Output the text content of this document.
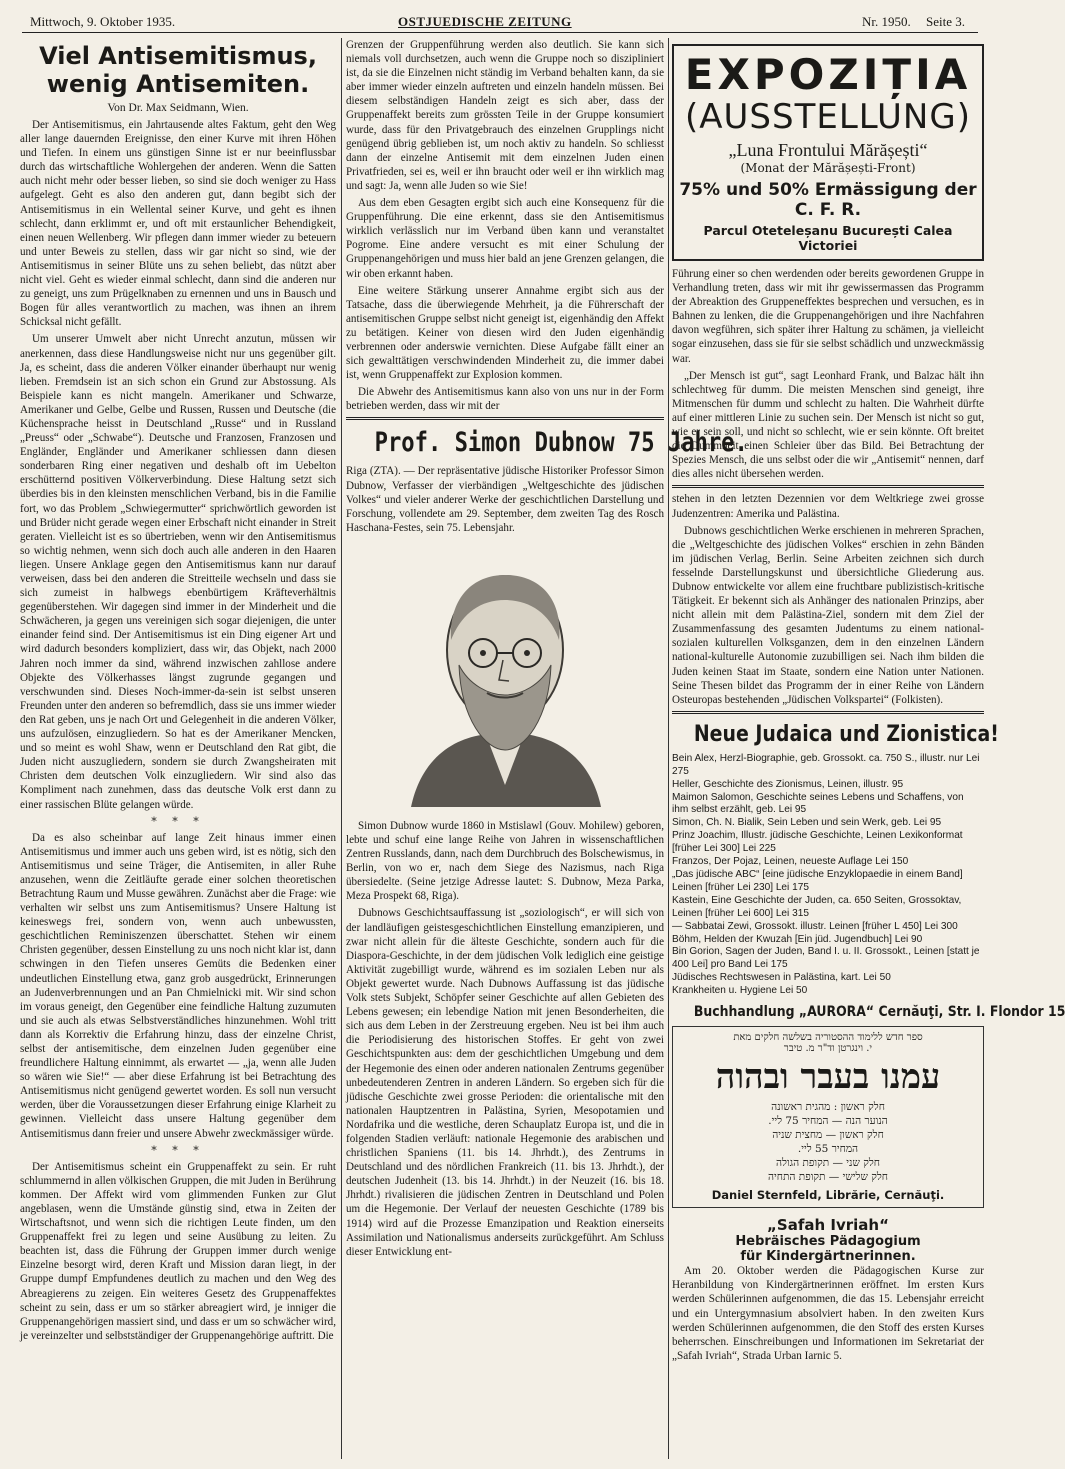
Mittwoch, 9. Oktober 1935.	OSTJUEDISCHE ZEITUNG	Nr. 1950. Seite 3.
Viel Antisemitismus,
wenig Antisemiten.
Von Dr. Max Seidmann, Wien.

Der Antisemitismus, ein Jahrtausende altes Faktum, geht den Weg aller lange dauernden Ereignisse, den einer Kurve mit ihren Höhen und Tiefen. In einem uns günstigen Sinne ist er nur beeinflussbar durch das wirtschaftliche Wohlergehen der anderen. Wenn die Satten auch nicht mehr oder besser lieben, so sind sie doch weniger zu Hass aufgelegt. Geht es also den anderen gut, dann begibt sich der Antisemitismus in ein Wellental seiner Kurve, und geht es ihnen schlecht, dann erklimmt er, und oft mit erstaunlicher Behendigkeit, einen neuen Wellenberg. Wir pflegen dann immer wieder zu beteuern und unter Beweis zu stellen, dass wir gar nicht so sind, wie der Antisemitismus in seiner Blüte uns zu sehen beliebt, das nützt aber nicht viel. Geht es wieder einmal schlecht, dann sind die anderen nur zu geneigt, uns zum Prügelknaben zu ernennen und uns in Bausch und Bogen für alles verantwortlich zu machen, was ihnen an ihrem Schicksal nicht gefällt.

Um unserer Umwelt aber nicht Unrecht anzutun, müssen wir anerkennen, dass diese Handlungsweise nicht nur uns gegenüber gilt. Ja, es scheint, dass die anderen Völker einander überhaupt nur wenig lieben. Fremdsein ist an sich schon ein Grund zur Abstossung. Als Beispiele kann es nicht mangeln. Amerikaner und Schwarze, Amerikaner und Gelbe, Gelbe und Russen, Russen und Deutsche (die Küchensprache heisst in Deutschland „Russe“ und in Russland „Preuss“ oder „Schwabe“). Deutsche und Franzosen, Franzosen und Engländer, Engländer und Amerikaner schliessen dann diesen sonderbaren Ring einer negativen und deshalb oft im Uebelton erschütternd positiven Völkerverbindung. Diese Haltung setzt sich überdies bis in den kleinsten menschlichen Verband, bis in die Familie fort, wo das Problem „Schwiegermutter“ sprichwörtlich geworden ist und Brüder nicht gerade wegen einer Erbschaft nicht einander in Streit geraten. Vielleicht ist es so übertrieben, wenn wir den Antisemitismus so wichtig nehmen, wenn sich doch auch alle anderen in den Haaren liegen. Unsere Anklage gegen den Antisemitismus kann nur darauf verweisen, dass bei den anderen die Streitteile wechseln und dass sie sich zumeist in halbwegs ebenbürtigem Kräfteverhältnis gegenüberstehen. Wir dagegen sind immer in der Minderheit und die Schwächeren, ja gegen uns vereinigen sich sogar diejenigen, die unter einander feind sind. Der Antisemitismus ist ein Ding eigener Art und wird dadurch besonders kompliziert, dass wir, das Objekt, nach 2000 Jahren noch immer da sind, während inzwischen zahllose andere Objekte des Völkerhasses längst zugrunde gegangen und verschwunden sind. Dieses Noch-immer-da-sein ist selbst unseren Freunden unter den anderen so befremdlich, dass sie uns immer wieder den Rat geben, uns je nach Ort und Gelegenheit in die anderen Völker, uns aufzulösen, einzugliedern. So hat es der Amerikaner Mencken, und so meint es wohl Shaw, wenn er Deutschland den Rat gibt, die Juden nicht auszugliedern, sondern sie durch Zwangsheiraten mit Christen dem deutschen Volk einzugliedern. Wir sind also das Kompliment nach zunehmen, dass das deutsche Volk erst dann zu einer rassischen Blüte gelangen würde.

* * *

Da es also scheinbar auf lange Zeit hinaus immer einen Antisemitismus und immer auch uns geben wird, ist es nötig, sich den Antisemitismus und seine Träger, die Antisemiten, in aller Ruhe anzusehen, wenn die Zeitläufte gerade einer solchen theoretischen Betrachtung Raum und Musse gewähren. Zunächst aber die Frage: wie verhalten wir selbst uns zum Antisemitismus? Unsere Haltung ist keineswegs frei, sondern von, wenn auch unbewussten, geschichtlichen Reminiszenzen überschattet. Stehen wir einem Christen gegenüber, dessen Einstellung zu uns noch nicht klar ist, dann schwingen in den Tiefen unseres Gemüts die Bedenken einer undeutlichen Einstellung etwa, ganz grob ausgedrückt, Erinnerungen an Judenverbrennungen und an Pan Chmielnicki mit. Wir sind schon im voraus geneigt, den Gegenüber eine feindliche Haltung zuzumuten und sie auch als etwas Selbstverständliches hinzunehmen. Wohl tritt dann als Korrektiv die Erfahrung hinzu, dass der einzelne Christ, selbst der antisemitische, dem einzelnen Juden gegenüber eine freundlichere Haltung einnimmt, als erwartet — „ja, wenn alle Juden so wären wie Sie!“ — aber diese Erfahrung ist bei Betrachtung des Antisemitismus nicht genügend gewertet worden. Es soll nun versucht werden, über die Voraussetzungen dieser Erfahrung einige Klarheit zu gewinnen. Vielleicht dass unsere Haltung gegenüber dem Antisemitismus dann freier und unsere Abwehr zweckmässiger würde.

* * *

Der Antisemitismus scheint ein Gruppenaffekt zu sein. Er ruht schlummernd in allen völkischen Gruppen, die mit Juden in Berührung kommen. Der Affekt wird vom glimmenden Funken zur Glut angeblasen, wenn die Umstände günstig sind, etwa in Zeiten der Wirtschaftsnot, und wenn sich die richtigen Leute finden, um den Gruppenaffekt frei zu legen und seine Ausübung zu leiten. Zu beachten ist, dass die Führung der Gruppen immer durch wenige Einzelne besorgt wird, deren Kraft und Mission daran liegt, in der Gruppe dumpf Empfundenes deutlich zu machen und den Weg des Abreagierens zu zeigen. Ein weiteres Gesetz des Gruppenaffektes scheint zu sein, dass er um so stärker abreagiert wird, je inniger die Gruppenangehörigen massiert sind, und dass er um so schwächer wird, je vereinzelter und selbstständiger der Gruppenangehörige auftritt. Die

Grenzen der Gruppenführung werden also deutlich. Sie kann sich niemals voll durchsetzen, auch wenn die Gruppe noch so diszipliniert ist, da sie die Einzelnen nicht ständig im Verband behalten kann, da sie aber immer wieder einzeln auftreten und einzeln handeln müssen. Bei diesem selbständigen Handeln zeigt es sich aber, dass der Gruppenaffekt bereits zum grössten Teile in der Gruppe konsumiert wurde, dass für den Privatgebrauch des einzelnen Grupplings nicht genügend übrig geblieben ist, um noch aktiv zu handeln. So schliesst dann der einzelne Antisemit mit dem einzelnen Juden einen Privatfrieden, sei es, weil er ihn braucht oder weil er ihn wirklich mag und sagt: Ja, wenn alle Juden so wie Sie!

Aus dem eben Gesagten ergibt sich auch eine Konsequenz für die Gruppenführung. Die eine erkennt, dass sie den Antisemitismus wirklich verlässlich nur im Verband üben kann und veranstaltet Pogrome. Eine andere versucht es mit einer Schulung der Gruppenangehörigen und muss hier bald an jene Grenzen gelangen, die wir oben erkannt haben.

Eine weitere Stärkung unserer Annahme ergibt sich aus der Tatsache, dass die überwiegende Mehrheit, ja die Führerschaft der antisemitischen Gruppe selbst nicht geneigt ist, eigenhändig den Affekt zu betätigen. Keiner von diesen wird den Juden eigenhändig verbrennen oder anderswie vernichten. Diese Aufgabe fällt einer an sich gewalttätigen verschwindenden Minderheit zu, die immer dabei ist, wenn Gruppenaffekt zur Explosion kommen.

Die Abwehr des Antisemitismus kann also von uns nur in der Form betrieben werden, dass wir mit der

Prof. Simon Dubnow 75 Jahre.
Riga (ZTA). — Der repräsentative jüdische Historiker Professor Simon Dubnow, Verfasser der vierbändigen „Weltgeschichte des jüdischen Volkes“ und vieler anderer Werke der geschichtlichen Darstellung und Forschung, vollendete am 29. September, dem zweiten Tag des Rosch Haschana-Festes, sein 75. Lebensjahr.

Simon Dubnow wurde 1860 in Mstislawl (Gouv. Mohilew) geboren, lebte und schuf eine lange Reihe von Jahren in wissenschaftlichen Zentren Russlands, dann, nach dem Durchbruch des Bolschewismus, in Berlin, von wo er, nach dem Siege des Nazismus, nach Riga übersiedelte. (Seine jetzige Adresse lautet: S. Dubnow, Meza Parka, Meza Prospekt 68, Riga).

Dubnows Geschichtsauffassung ist „soziologisch“, er will sich von der landläufigen geistesgeschichtlichen Einstellung emanzipieren, und zwar nicht allein für die älteste Geschichte, sondern auch für die Diaspora-Geschichte, in der dem jüdischen Volk lediglich eine geistige Aktivität zugebilligt wurde, während es im sozialen Leben nur als Objekt gewertet wurde. Nach Dubnows Auffassung ist das jüdische Volk stets Subjekt, Schöpfer seiner Geschichte auf allen Gebieten des Lebens gewesen; ein lebendige Nation mit jenen Besonderheiten, die sich aus dem Leben in der Zerstreuung ergeben. Neu ist bei ihm auch die Periodisierung des historischen Stoffes. Er geht von zwei Geschichtspunkten aus: dem der geschichtlichen Umgebung und dem der Hegemonie des einen oder anderen nationalen Zentrums gegenüber unbedeutenderen Zentren in anderen Ländern. So ergeben sich für die jüdische Geschichte zwei grosse Perioden: die orientalische mit den nationalen Hauptzentren in Palästina, Syrien, Mesopotamien und Nordafrika und die westliche, deren Schauplatz Europa ist, und die in folgenden Stadien verläuft: nationale Hegemonie des arabischen und christlichen Spaniens (11. bis 14. Jhrhdt.), des Zentrums in Deutschland und des nördlichen Frankreich (11. bis 13. Jhrhdt.), der deutschen Judenheit (13. bis 14. Jhrhdt.) in der Neuzeit (16. bis 18. Jhrhdt.) rivalisieren die jüdischen Zentren in Deutschland und Polen um die Hegemonie. Der Verlauf der neuesten Geschichte (1789 bis 1914) wird auf die Prozesse Emanzipation und Reaktion einerseits Assimilation und Nationalismus anderseits zurückgeführt. Am Schluss dieser Entwicklung ent-

EXPOZIȚIA
(AUSSTELLUNG)
„Luna Frontului Mărășești“
(Monat der Mărășești-Front)
75% und 50% Ermässigung der C. F. R.
Parcul Oteteleșanu București Calea Victoriei

Führung einer so chen werdenden oder bereits gewordenen Gruppe in Verhandlung treten, dass wir mit ihr gewissermassen das Programm der Abreaktion des Gruppeneffektes besprechen und versuchen, es in Bahnen zu lenken, die die Gruppenangehörigen und ihre Nachfahren davon wegführen, sich später ihrer Haltung zu schämen, ja vielleicht sogar einzusehen, dass sie für sie selbst schädlich und unzweckmässig war.

„Der Mensch ist gut“, sagt Leonhard Frank, und Balzac hält ihn schlechtweg für dumm. Die meisten Menschen sind geneigt, ihre Mitmenschen für dumm und schlecht zu halten. Die Wahrheit dürfte auf einer mittleren Linie zu suchen sein. Der Mensch ist nicht so gut, wie er sein soll, und nicht so schlecht, wie er sein könnte. Oft breitet die Dummheit einen Schleier über das Bild. Bei Betrachtung der Spezies Mensch, die uns selbst oder die wir „Antisemit“ nennen, darf dies alles nicht übersehen werden.

stehen in den letzten Dezennien vor dem Weltkriege zwei grosse Judenzentren: Amerika und Palästina.

Dubnows geschichtlichen Werke erschienen in mehreren Sprachen, die „Weltgeschichte des jüdischen Volkes“ erschien in zehn Bänden im jüdischen Verlag, Berlin. Seine Arbeiten zeichnen sich durch fesselnde Darstellungskunst und übersichtliche Gliederung aus. Dubnow entwickelte vor allem eine fruchtbare publizistisch-kritische Tätigkeit. Er bekennt sich als Anhänger des nationalen Prinzips, aber nicht allein mit dem Palästina-Ziel, sondern mit dem Ziel der Zusammenfassung des gesamten Judentums zu einem national-sozialen kulturellen Volksganzen, dem in den einzelnen Ländern national-kulturelle Autonomie zuzubilligen sei. Nach ihm bilden die Juden keinen Staat im Staate, sondern eine Nation unter Nationen. Seine Thesen bildet das Programm der in einer Reihe von Ländern Osteuropas bestehenden „Jüdischen Volkspartei“ (Folkisten).

Neue Judaica und Zionistica!
Bein Alex, Herzl-Biographie, geb. Grossokt. ca. 750 S., illustr. nur Lei 275
Heller, Geschichte des Zionismus, Leinen, illustr. 95
Maimon Salomon, Geschichte seines Lebens und Schaffens, von ihm selbst erzählt, geb. Lei 95
Simon, Ch. N. Bialik, Sein Leben und sein Werk, geb. Lei 95
Prinz Joachim, Illustr. jüdische Geschichte, Leinen Lexikonformat [früher Lei 300] Lei 225
Franzos, Der Pojaz, Leinen, neueste Auflage Lei 150
„Das jüdische ABC“ [eine jüdische Enzyklopaedie in einem Band] Leinen [früher Lei 230] Lei 175
Kastein, Eine Geschichte der Juden, ca. 650 Seiten, Grossoktav, Leinen [früher Lei 600] Lei 315
— Sabbatai Zewi, Grossokt. illustr. Leinen [früher L 450] Lei 300
Böhm, Helden der Kwuzah [Ein jüd. Jugendbuch] Lei 90
Bin Gorion, Sagen der Juden, Band I. u. II. Grossokt., Leinen [statt je 400 Lei] pro Band Lei 175
Jüdisches Rechtswesen in Palästina, kart. Lei 50
Krankheiten u. Hygiene Lei 50
Buchhandlung „AURORA“ Cernăuţi, Str. I. Flondor 15
ספר חדש ללימוד ההסטוריה בשלשה חלקים מאת
י. וינגרטן וד"ר מ. טיבר
עמנו בעבר ובהוה
חלק ראשון : מהגית ראשונה
הנוער הנה — המחיר 75 ליי.
חלק ראשון — מחצית שניה
המחיר 55 ליי.
חלק שני — תקופת הגולה
חלק שלישי — תקופת התחיה
Daniel Sternfeld, Librărie, Cernăuţi.
„Safah Ivriah“
Hebräisches Pädagogium
für Kindergärtnerinnen.

Am 20. Oktober werden die Pädagogischen Kurse zur Heranbildung von Kindergärtnerinnen eröffnet. Im ersten Kurs werden Schülerinnen aufgenommen, die das 15. Lebensjahr erreicht und ein Untergymnasium absolviert haben. In den zweiten Kurs werden Schülerinnen aufgenommen, die den Stoff des ersten Kurses beherrschen. Einschreibungen und Informationen im Sekretariat der „Safah Ivriah“, Strada Urban Iarnic 5.
